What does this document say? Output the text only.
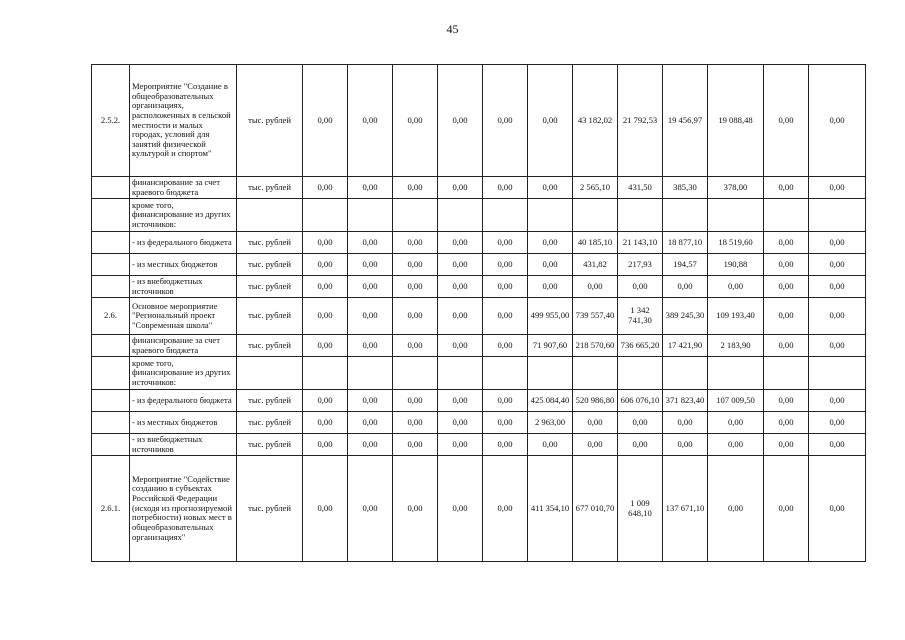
45
2.5.2.	Мероприятие "Создание в общеобразовательных организациях, расположенных в сельской местности и малых городах, условий для занятий физической культурой и спортом"	тыс. рублей	0,00	0,00	0,00	0,00	0,00	0,00	43 182,02	21 792,53	19 456,97	19 088,48	0,00	0,00
	финансирование за счет краевого бюджета	тыс. рублей	0,00	0,00	0,00	0,00	0,00	0,00	2 565,10	431,50	385,30	378,00	0,00	0,00
	кроме того, финансирование из других источников:													
	- из федерального бюджета	тыс. рублей	0,00	0,00	0,00	0,00	0,00	0,00	40 185,10	21 143,10	18 877,10	18 519,60	0,00	0,00
	- из местных бюджетов	тыс. рублей	0,00	0,00	0,00	0,00	0,00	0,00	431,82	217,93	194,57	190,88	0,00	0,00
	- из внебюджетных источников	тыс. рублей	0,00	0,00	0,00	0,00	0,00	0,00	0,00	0,00	0,00	0,00	0,00	0,00
2.6.	Основное мероприятие "Региональный проект "Современная школа"	тыс. рублей	0,00	0,00	0,00	0,00	0,00	499 955,00	739 557,40	1 342 741,30	389 245,30	109 193,40	0,00	0,00
	финансирование за счет краевого бюджета	тыс. рублей	0,00	0,00	0,00	0,00	0,00	71 907,60	218 570,60	736 665,20	17 421,90	2 183,90	0,00	0,00
	кроме того, финансирование из других источников:													
	- из федерального бюджета	тыс. рублей	0,00	0,00	0,00	0,00	0,00	425 084,40	520 986,80	606 076,10	371 823,40	107 009,50	0,00	0,00
	- из местных бюджетов	тыс. рублей	0,00	0,00	0,00	0,00	0,00	2 963,00	0,00	0,00	0,00	0,00	0,00	0,00
	- из внебюджетных источников	тыс. рублей	0,00	0,00	0,00	0,00	0,00	0,00	0,00	0,00	0,00	0,00	0,00	0,00
2.6.1.	Мероприятие "Содействие созданию в субъектах Российской Федерации (исходя из прогнозируемой потребности) новых мест в общеобразовательных организациях"	тыс. рублей	0,00	0,00	0,00	0,00	0,00	411 354,10	677 010,70	1 009 648,10	137 671,10	0,00	0,00	0,00
